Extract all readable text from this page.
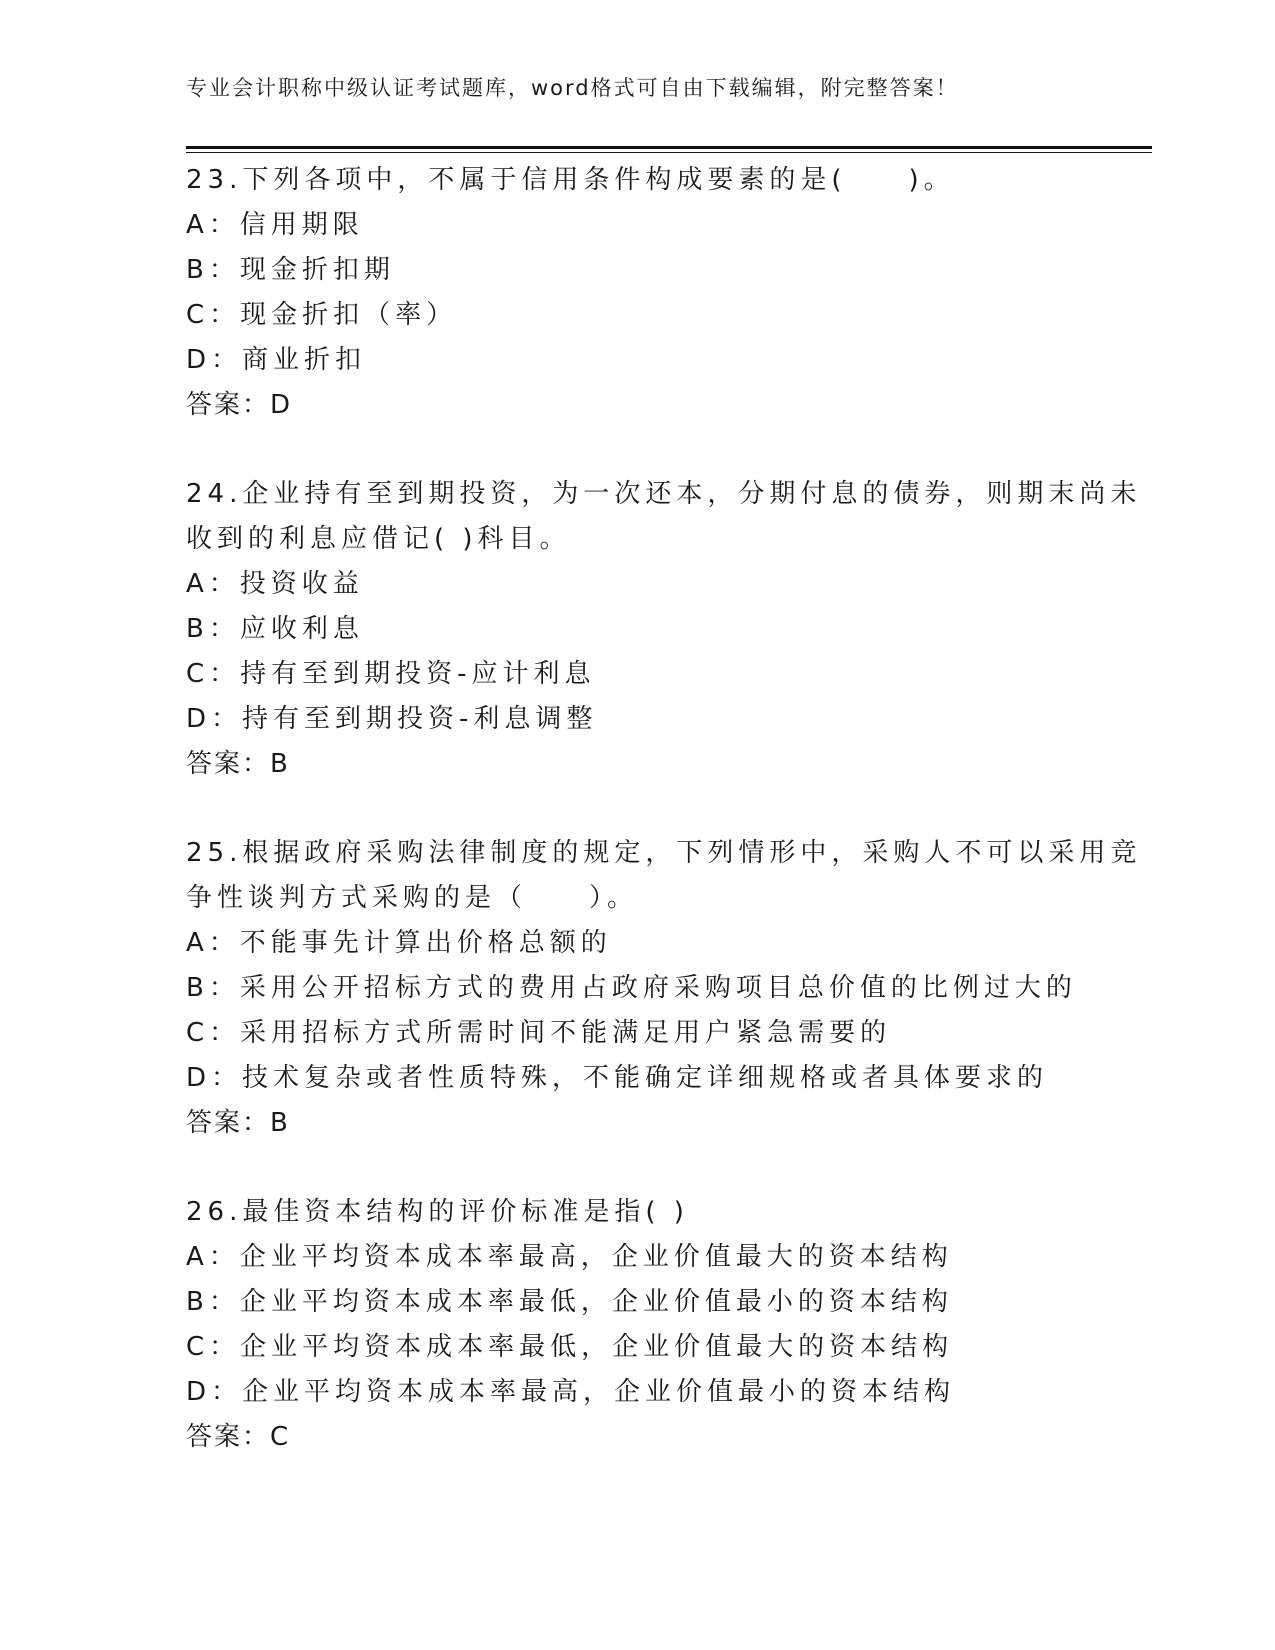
专业会计职称中级认证考试题库，word格式可自由下载编辑，附完整答案！

23.下列各项中，不属于信用条件构成要素的是(　　)。

A：信用期限

B：现金折扣期

C：现金折扣（率）

D：商业折扣

答案：D

24.企业持有至到期投资，为一次还本，分期付息的债券，则期末尚未

收到的利息应借记( )科目。

A：投资收益

B：应收利息

C：持有至到期投资-应计利息

D：持有至到期投资-利息调整

答案：B

25.根据政府采购法律制度的规定，下列情形中，采购人不可以采用竞

争性谈判方式采购的是（　　）。

A：不能事先计算出价格总额的

B：采用公开招标方式的费用占政府采购项目总价值的比例过大的

C：采用招标方式所需时间不能满足用户紧急需要的

D：技术复杂或者性质特殊，不能确定详细规格或者具体要求的

答案：B

26.最佳资本结构的评价标准是指( )

A：企业平均资本成本率最高，企业价值最大的资本结构

B：企业平均资本成本率最低，企业价值最小的资本结构

C：企业平均资本成本率最低，企业价值最大的资本结构

D：企业平均资本成本率最高，企业价值最小的资本结构

答案：C
